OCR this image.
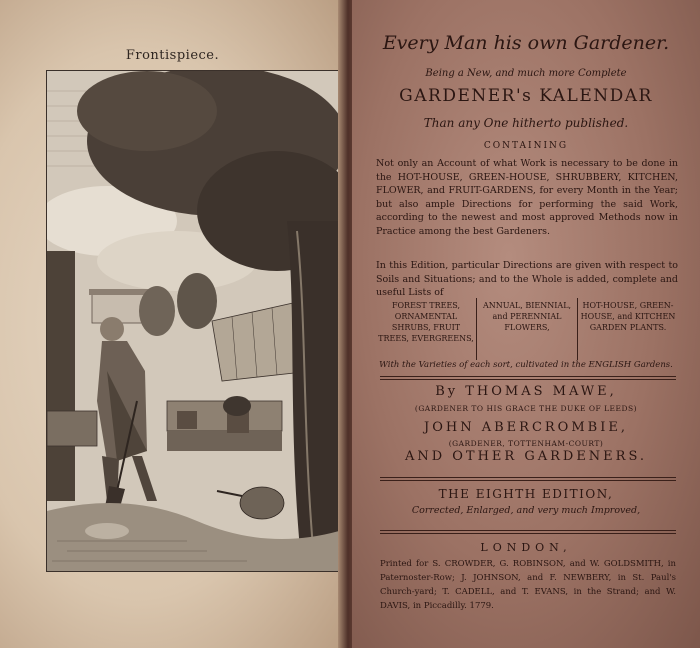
Frontispiece.
Every Man his own Gardener.
Being a New, and much more Complete
GARDENER's KALENDAR
Than any One hitherto published.
CONTAINING
Not only an Account of what Work is necessary to be done in the HOT-HOUSE, GREEN-HOUSE, SHRUBBERY, KITCHEN, FLOWER, and FRUIT-GARDENS, for every Month in the Year; but also ample Directions for performing the said Work, according to the newest and most approved Methods now in Practice among the best Gardeners.
In this Edition, particular Directions are given with respect to Soils and Situations; and to the Whole is added, complete and useful Lists of
FOREST TREES, ORNAMENTAL SHRUBS, FRUIT TREES, EVERGREENS,
ANNUAL, BIENNIAL, and PERENNIAL FLOWERS,
HOT-HOUSE, GREEN-HOUSE, and KITCHEN GARDEN PLANTS.
With the Varieties of each sort, cultivated in the ENGLISH Gardens.
By THOMAS MAWE,
(GARDENER TO HIS GRACE THE DUKE OF LEEDS)
JOHN ABERCROMBIE,
(GARDENER, TOTTENHAM-COURT)
AND OTHER GARDENERS.
THE EIGHTH EDITION,
Corrected, Enlarged, and very much Improved,
LONDON,
Printed for S. CROWDER, G. ROBINSON, and W. GOLDSMITH, in Paternoster-Row; J. JOHNSON, and F. NEWBERY, in St. Paul's Church-yard; T. CADELL, and T. EVANS, in the Strand; and W. DAVIS, in Piccadilly. 1779.
